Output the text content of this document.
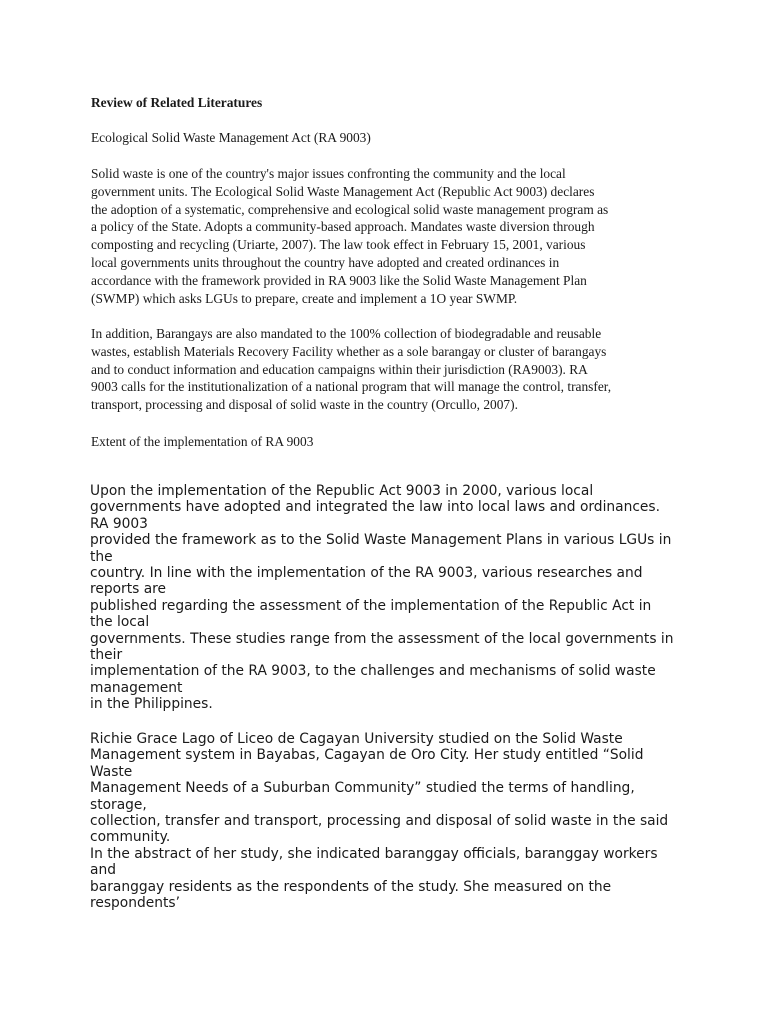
Review of Related Literatures

Ecological Solid Waste Management Act (RA 9003)

Solid waste is one of the country's major issues confronting the community and the local
government units. The Ecological Solid Waste Management Act (Republic Act 9003) declares
the adoption of a systematic, comprehensive and ecological solid waste management program as
a policy of the State. Adopts a community-based approach. Mandates waste diversion through
composting and recycling (Uriarte, 2007). The law took effect in February 15, 2001, various
local governments units throughout the country have adopted and created ordinances in
accordance with the framework provided in RA 9003 like the Solid Waste Management Plan
(SWMP) which asks LGUs to prepare, create and implement a 1O year SWMP.
In addition, Barangays are also mandated to the 100% collection of biodegradable and reusable
wastes, establish Materials Recovery Facility whether as a sole barangay or cluster of barangays
and to conduct information and education campaigns within their jurisdiction (RA9003). RA
9003 calls for the institutionalization of a national program that will manage the control, transfer,
transport, processing and disposal of solid waste in the country (Orcullo, 2007).

Extent of the implementation of RA 9003

Upon the implementation of the Republic Act 9003 in 2000, various local
governments have adopted and integrated the law into local laws and ordinances.
RA 9003
provided the framework as to the Solid Waste Management Plans in various LGUs in
the
country. In line with the implementation of the RA 9003, various researches and
reports are
published regarding the assessment of the implementation of the Republic Act in
the local
governments. These studies range from the assessment of the local governments in
their
implementation of the RA 9003, to the challenges and mechanisms of solid waste
management
in the Philippines.
Richie Grace Lago of Liceo de Cagayan University studied on the Solid Waste
Management system in Bayabas, Cagayan de Oro City. Her study entitled “Solid
Waste
Management Needs of a Suburban Community” studied the terms of handling,
storage,
collection, transfer and transport, processing and disposal of solid waste in the said
community.
In the abstract of her study, she indicated baranggay officials, baranggay workers
and
baranggay residents as the respondents of the study. She measured on the
respondents’
